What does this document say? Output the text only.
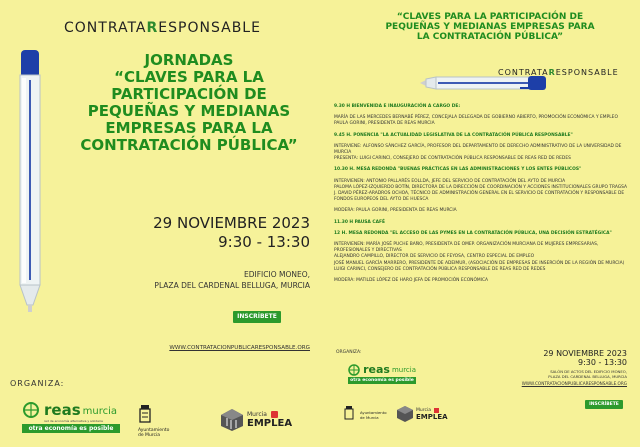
CONTRATARESPONSABLE
JORNADAS
“CLAVES PARA LA
PARTICIPACIÓN DE
PEQUEÑAS Y MEDIANAS
EMPRESAS PARA LA
CONTRATACIÓN PÚBLICA”
29 NOVIEMBRE 2023
9:30 - 13:30
EDIFICIO MONEO,
PLAZA DEL CARDENAL BELLUGA, MURCIA
INSCRÍBETE
WWW.CONTRATACIONPUBLICARESPONSABLE.ORG
ORGANIZA:
reas murcia
red de economía alternativa y solidaria
otra economía es posible	Ayuntamiento
de Murcia
Murcia
EMPLEA
“CLAVES PARA LA PARTICIPACIÓN DE
PEQUEÑAS Y MEDIANAS EMPRESAS PARA
LA CONTRATACIÓN PÚBLICA”
CONTRATARESPONSABLE

9.30 H BIENVENIDA E INAUGURACIÓN A CARGO DE:

MARÍA DE LAS MERCEDES BERNABÉ PÉREZ, CONCEJALA DELEGADA DE GOBIERNO ABIERTO, PROMOCIÓN ECONÓMICA Y EMPLEO

PAULA GORINI, PRESIDENTA DE REAS MURCIA

9.45 H. PONENCIA "LA ACTUALIDAD LEGISLATIVA DE LA CONTRATACIÓN PÚBLICA RESPONSABLE"

INTERVIENE: ALFONSO SÁNCHEZ GARCÍA, PROFESOR DEL DEPARTAMENTO DE DERECHO ADMINISTRATIVO DE LA UNIVERSIDAD DE MURCIA

PRESENTA: LUIGI CARINCI, CONSEJERO DE CONTRATACIÓN PÚBLICA RESPONSABLE DE REAS RED DE REDES

10.30 H. MESA REDONDA "BUENAS PRÁCTICAS EN LAS ADMINISTRACIONES Y LOS ENTES PÚBLICOS"

INTERVIENEN: ANTONIO PALLARÉS EOLLDA, JEFE DEL SERVICIO DE CONTRATACIÓN DEL AYTO DE MURCIA

PALOMA LÓPEZ-IZQUIERDO BOTÍN, DIRECTORA DE LA DIRECCIÓN DE COORDINACIÓN Y ACCIONES INSTITUCIONALES GRUPO TRAGSA

J. DAVID PÉREZ-ARADROS OCHOA, TÉCNICO DE ADMINISTRACIÓN GENERAL EN EL SERVICIO DE CONTRATACIÓN Y RESPONSABLE DE FONDOS EUROPEOS DEL AYTO DE HUESCA

MODERA: PAULA GORINI, PRESIDENTA DE REAS MURCIA

11.30 H PAUSA CAFÉ

12 H. MESA REDONDA "EL ACCESO DE LAS PYMES EN LA CONTRATACIÓN PÚBLICA, UNA DECISIÓN ESTRATÉGICA"

INTERVIENEN: MARÍA JOSÉ PUCHE BAÑO, PRESIDENTA DE OMEP. ORGANIZACIÓN MURCIANA DE MUJERES EMPRESARIAS, PROFESIONALES Y DIRECTIVAS

ALEJANDRO CAMPILLO, DIRECTOR DE SERVICIO DE FEYOSA, CENTRO ESPECIAL DE EMPLEO

JOSÉ MANUEL GARCÍA MARRERO, PRESIDENTE DE ADEIMUR, (ASOCIACIÓN DE EMPRESAS DE INSERCIÓN DE LA REGIÓN DE MURCIA)

LUIGI CARINCI, CONSEJERO DE CONTRATACIÓN PÚBLICA RESPONSABLE DE REAS RED DE REDES

MODERA: MATILDE LÓPEZ DE HARO JEFA DE PROMOCIÓN ECONÓMICA

ORGANIZA:
reas murcia
otra economía es posible
Ayuntamiento
de Murcia
Murcia
EMPLEA
29 NOVIEMBRE 2023
9:30 - 13:30
SALÓN DE ACTOS DEL EDIFICIO MONEO,
PLAZA DEL CARDENAL BELLUGA, MURCIA
WWW.CONTRATACIONPUBLICARESPONSABLE.ORG
INSCRÍBETE
